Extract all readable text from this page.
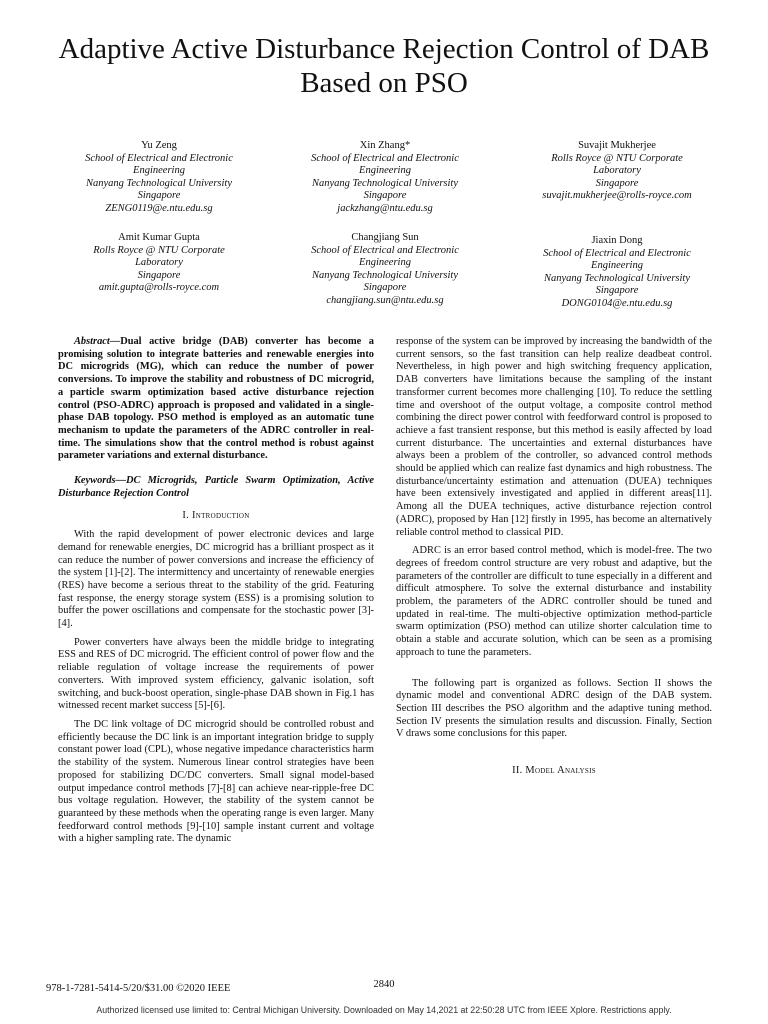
Adaptive Active Disturbance Rejection Control of DAB Based on PSO
Yu Zeng
School of Electrical and Electronic
Engineering
Nanyang Technological University
Singapore
ZENG0119@e.ntu.edu.sg
Xin Zhang*
School of Electrical and Electronic
Engineering
Nanyang Technological University
Singapore
jackzhang@ntu.edu.sg
Suvajit Mukherjee
Rolls Royce @ NTU Corporate
Laboratory
Singapore
suvajit.mukherjee@rolls-royce.com
Amit Kumar Gupta
Rolls Royce @ NTU Corporate
Laboratory
Singapore
amit.gupta@rolls-royce.com
Changjiang Sun
School of Electrical and Electronic
Engineering
Nanyang Technological University
Singapore
changjiang.sun@ntu.edu.sg
Jiaxin Dong
School of Electrical and Electronic
Engineering
Nanyang Technological University
Singapore
DONG0104@e.ntu.edu.sg

Abstract—Dual active bridge (DAB) converter has become a promising solution to integrate batteries and renewable energies into DC microgrids (MG), which can reduce the number of power conversions. To improve the stability and robustness of DC microgrid, a particle swarm optimization based active disturbance rejection control (PSO-ADRC) approach is proposed and validated in a single-phase DAB topology. PSO method is employed as an automatic tune mechanism to update the parameters of the ADRC controller in real-time. The simulations show that the control method is robust against parameter variations and external disturbance.

Keywords—DC Microgrids, Particle Swarm Optimization, Active Disturbance Rejection Control

I. Introduction

With the rapid development of power electronic devices and large demand for renewable energies, DC microgrid has a brilliant prospect as it can reduce the number of power conversions and increase the efficiency of the system [1]-[2]. The intermittency and uncertainty of renewable energies (RES) have become a serious threat to the stability of the grid. Featuring fast response, the energy storage system (ESS) is a promising solution to buffer the power oscillations and compensate for the stochastic power [3]-[4].

Power converters have always been the middle bridge to integrating ESS and RES of DC microgrid. The efficient control of power flow and the reliable regulation of voltage increase the requirements of power converters. With improved system efficiency, galvanic isolation, soft switching, and buck-boost operation, single-phase DAB shown in Fig.1 has witnessed recent market success [5]-[6].

The DC link voltage of DC microgrid should be controlled robust and efficiently because the DC link is an important integration bridge to supply constant power load (CPL), whose negative impedance characteristics harm the stability of the system. Numerous linear control strategies have been proposed for stabilizing DC/DC converters. Small signal model-based output impedance control methods [7]-[8] can achieve near-ripple-free DC bus voltage regulation. However, the stability of the system cannot be guaranteed by these methods when the operating range is even larger. Many feedforward control methods [9]-[10] sample instant current and voltage with a higher sampling rate. The dynamic

response of the system can be improved by increasing the bandwidth of the current sensors, so the fast transition can help realize deadbeat control. Nevertheless, in high power and high switching frequency application, DAB converters have limitations because the sampling of the instant transformer current becomes more challenging [10]. To reduce the settling time and overshoot of the output voltage, a composite control method combining the direct power control with feedforward control is proposed to achieve a fast transient response, but this method is easily affected by load current disturbance. The uncertainties and external disturbances have always been a problem of the controller, so advanced control methods should be applied which can realize fast dynamics and high robustness. The disturbance/uncertainty estimation and attenuation (DUEA) techniques have been extensively investigated and applied in different areas[11]. Among all the DUEA techniques, active disturbance rejection control (ADRC), proposed by Han [12] firstly in 1995, has become an alternatively reliable control method to classical PID.

ADRC is an error based control method, which is model-free. The two degrees of freedom control structure are very robust and adaptive, but the parameters of the controller are difficult to tune especially in a different and difficult atmosphere. To solve the external disturbance and instability problem, the parameters of the ADRC controller should be tuned and updated in real-time. The multi-objective optimization method-particle swarm optimization (PSO) method can utilize shorter calculation time to obtain a stable and accurate solution, which can be seen as a promising approach to tune the parameters.

The following part is organized as follows. Section II shows the dynamic model and conventional ADRC design of the DAB system. Section III describes the PSO algorithm and the adaptive tuning method. Section IV presents the simulation results and discussion. Finally, Section V draws some conclusions for this paper.

II. Model Analysis
978-1-7281-5414-5/20/$31.00 ©2020 IEEE	2840
Authorized licensed use limited to: Central Michigan University. Downloaded on May 14,2021 at 22:50:28 UTC from IEEE Xplore. Restrictions apply.
